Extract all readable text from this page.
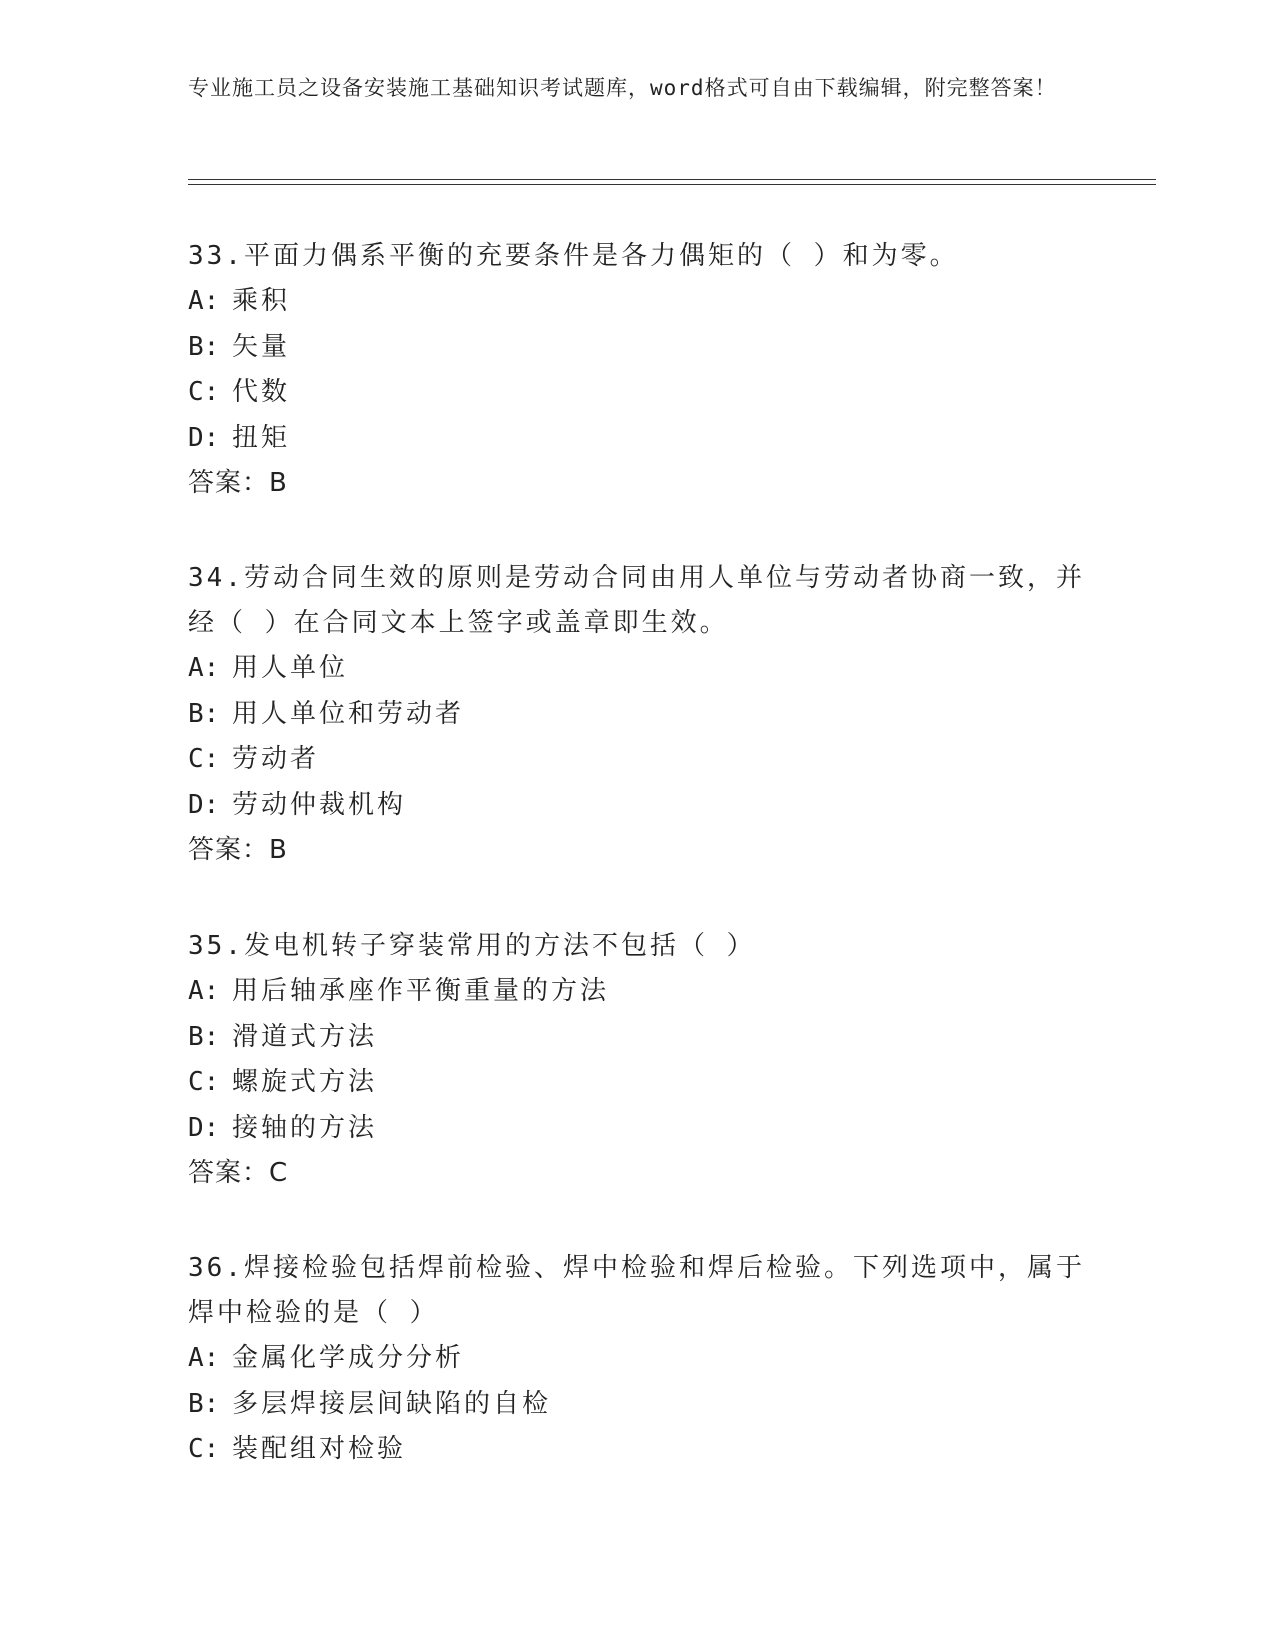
专业施工员之设备安装施工基础知识考试题库，word格式可自由下载编辑，附完整答案！

33.平面力偶系平衡的充要条件是各力偶矩的（ ）和为零。

A: 乘积

B: 矢量

C: 代数

D: 扭矩

答案：B

34.劳动合同生效的原则是劳动合同由用人单位与劳动者协商一致，并经（ ）在合同文本上签字或盖章即生效。

A: 用人单位

B: 用人单位和劳动者

C: 劳动者

D: 劳动仲裁机构

答案：B

35.发电机转子穿装常用的方法不包括（ ）

A: 用后轴承座作平衡重量的方法

B: 滑道式方法

C: 螺旋式方法

D: 接轴的方法

答案：C

36.焊接检验包括焊前检验、焊中检验和焊后检验。下列选项中，属于焊中检验的是（ ）

A: 金属化学成分分析

B: 多层焊接层间缺陷的自检

C: 装配组对检验
